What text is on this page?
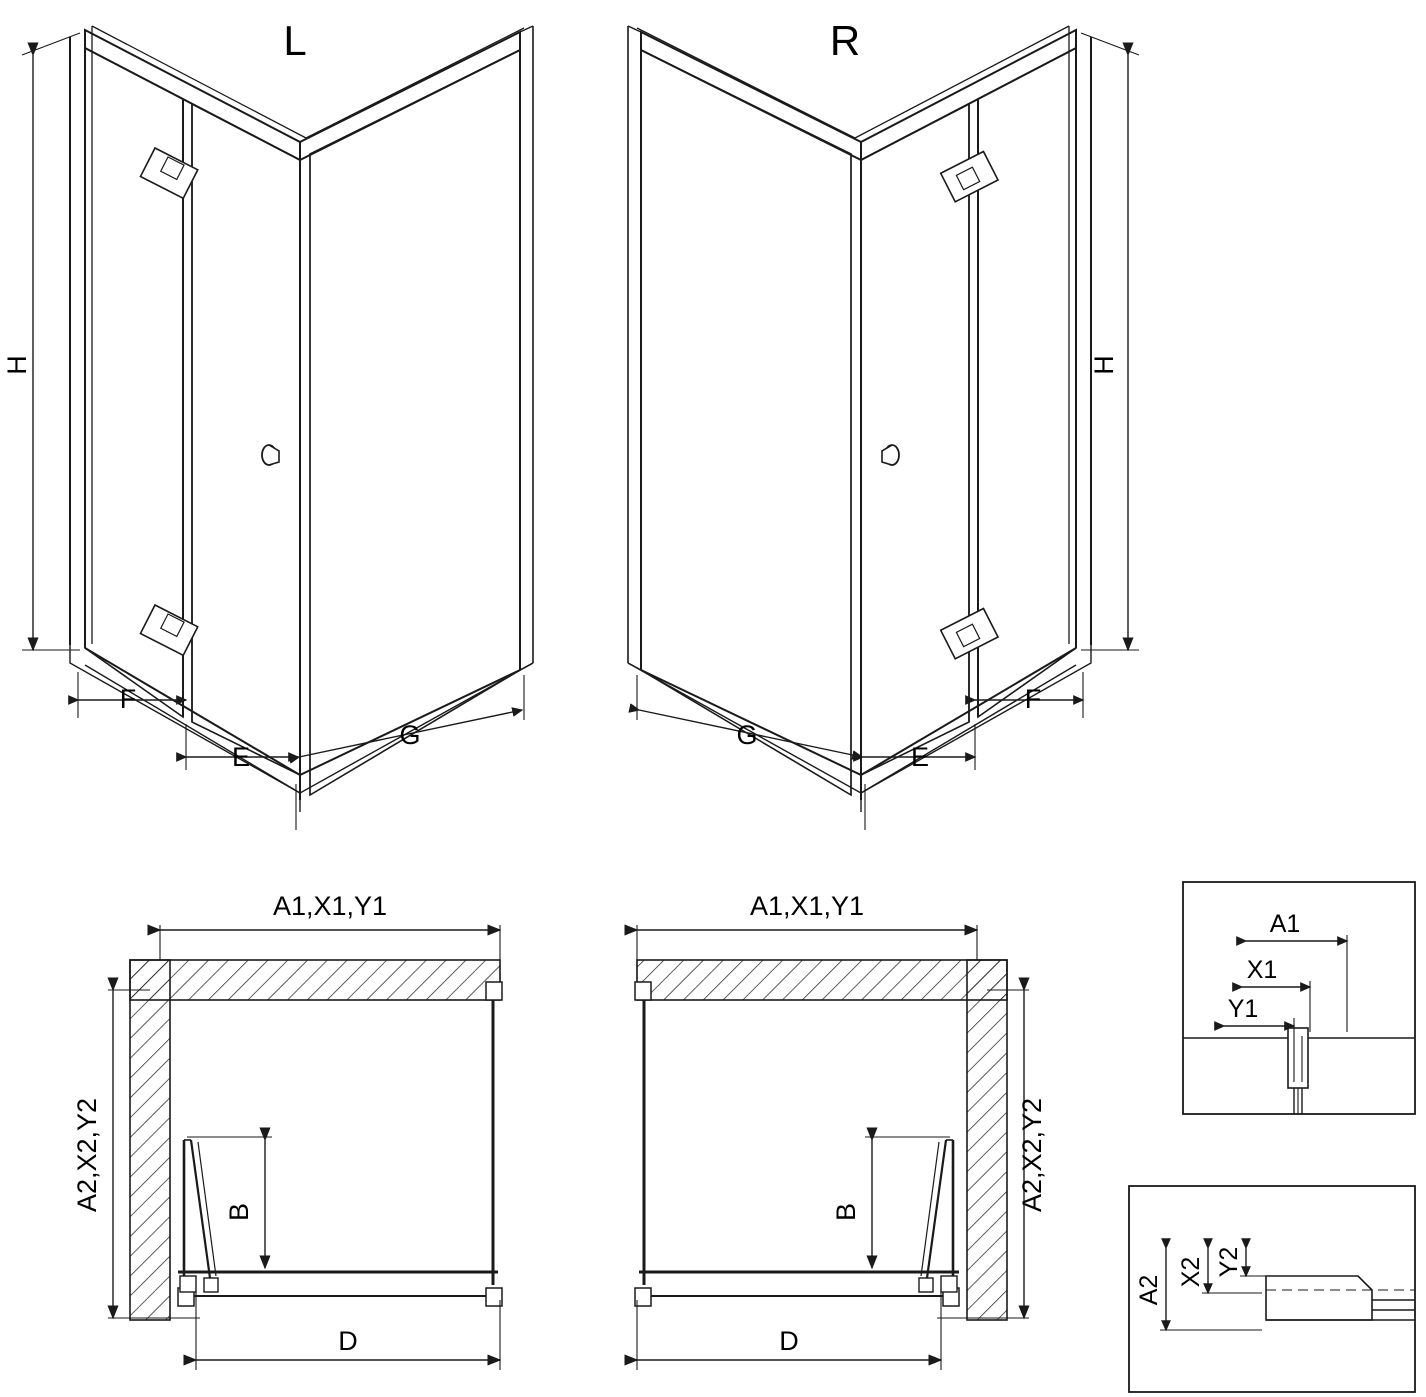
L
H
F
E
G
R
H
F
E
G
A1,X1,Y1
A2,X2,Y2	B
D
A1,X1,Y1
A2,X2,Y2
B
D
A1
X1
Y1
A2
X2 Y2
